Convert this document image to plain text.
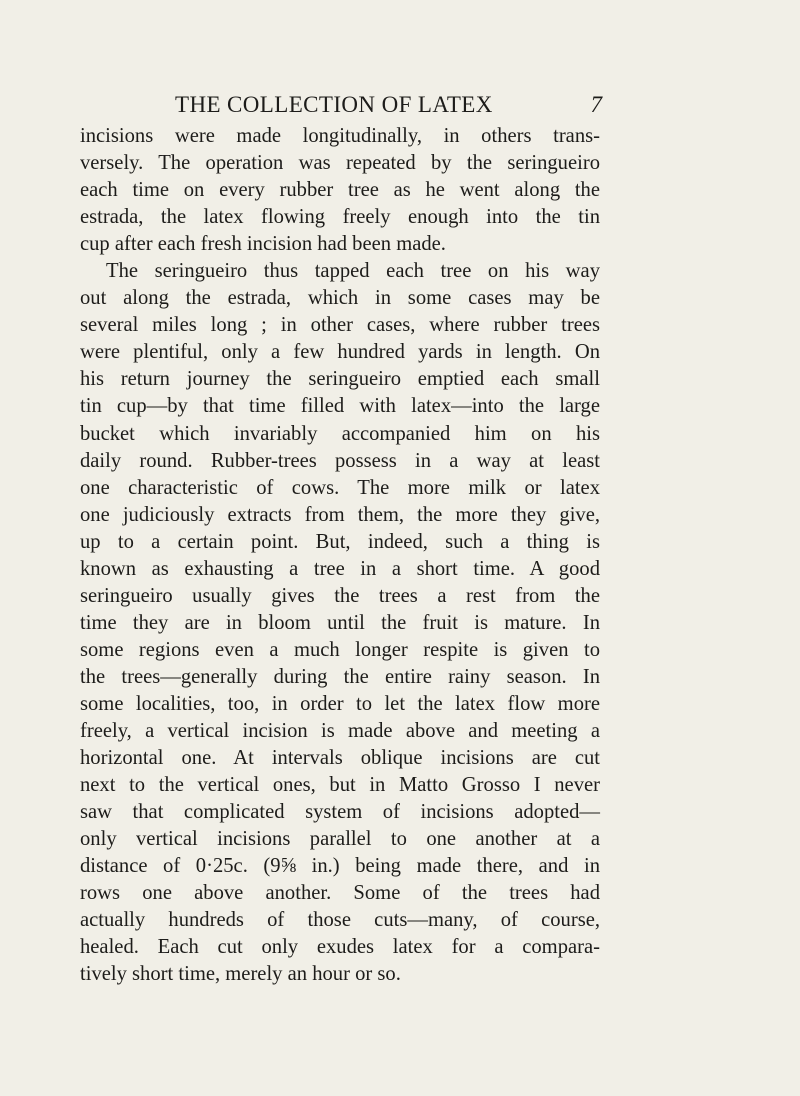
THE COLLECTION OF LATEX	7
incisions were made longitudinally, in others trans-
versely. The operation was repeated by the seringueiro
each time on every rubber tree as he went along the
estrada, the latex flowing freely enough into the tin
cup after each fresh incision had been made.
The seringueiro thus tapped each tree on his way
out along the estrada, which in some cases may be
several miles long ; in other cases, where rubber trees
were plentiful, only a few hundred yards in length. On
his return journey the seringueiro emptied each small
tin cup—by that time filled with latex—into the large
bucket which invariably accompanied him on his
daily round. Rubber-trees possess in a way at least
one characteristic of cows. The more milk or latex
one judiciously extracts from them, the more they give,
up to a certain point. But, indeed, such a thing is
known as exhausting a tree in a short time. A good
seringueiro usually gives the trees a rest from the
time they are in bloom until the fruit is mature. In
some regions even a much longer respite is given to
the trees—generally during the entire rainy season. In
some localities, too, in order to let the latex flow more
freely, a vertical incision is made above and meeting a
horizontal one. At intervals oblique incisions are cut
next to the vertical ones, but in Matto Grosso I never
saw that complicated system of incisions adopted—
only vertical incisions parallel to one another at a
distance of 0·25c. (9⅝ in.) being made there, and in
rows one above another. Some of the trees had
actually hundreds of those cuts—many, of course,
healed. Each cut only exudes latex for a compara-
tively short time, merely an hour or so.
